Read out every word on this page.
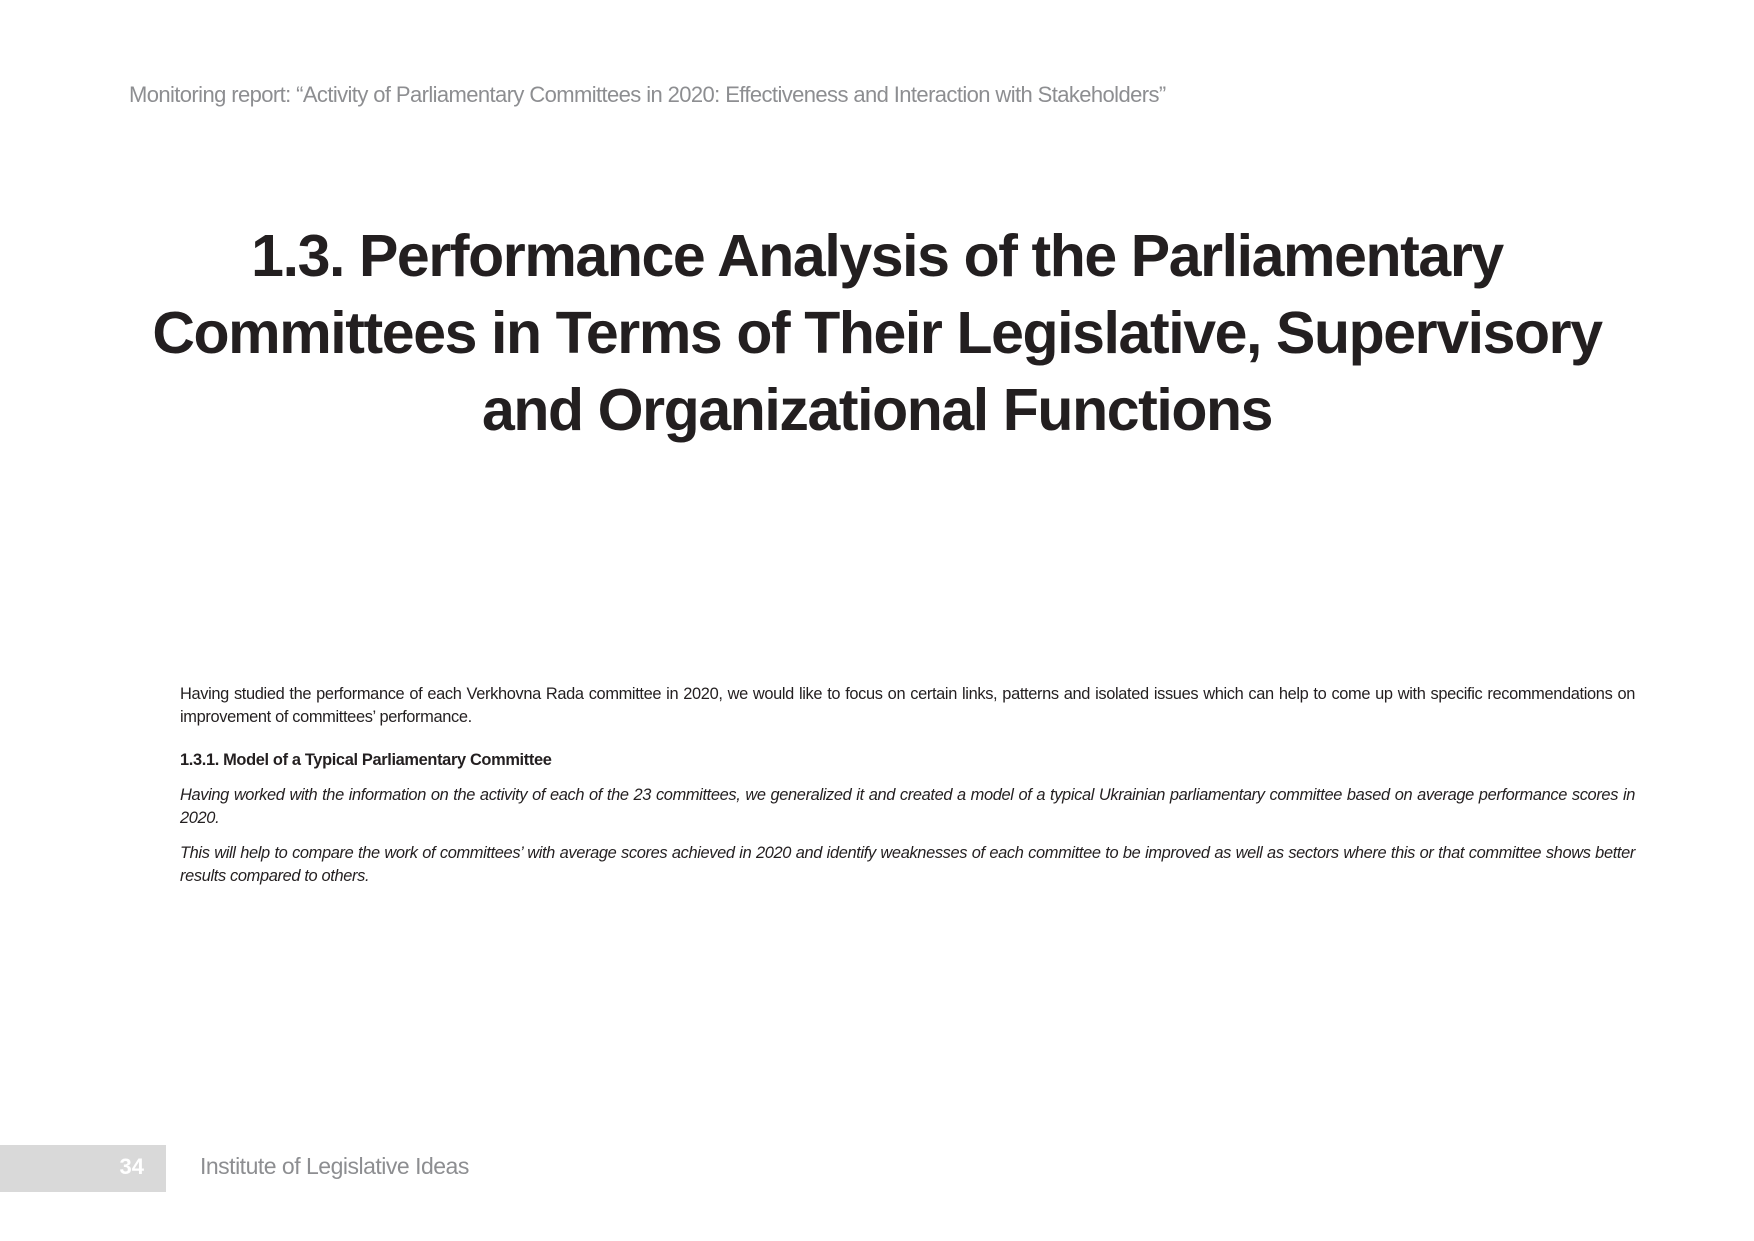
Monitoring report: “Activity of Parliamentary Committees in 2020: Effectiveness and Interaction with Stakeholders”
1.3. Performance Analysis of the Parliamentary Committees in Terms of Their Legislative, Supervisory and Organizational Functions

Having studied the performance of each Verkhovna Rada committee in 2020, we would like to focus on certain links, patterns and isolated issues which can help to come up with specific recommendations on improvement of committees’ performance.

1.3.1. Model of a Typical Parliamentary Committee

Having worked with the information on the activity of each of the 23 committees, we generalized it and created a model of a typical Ukrainian parliamentary committee based on average performance scores in 2020.

This will help to compare the work of committees’ with average scores achieved in 2020 and identify weaknesses of each committee to be improved as well as sectors where this or that committee shows better results compared to others.

34 Institute of Legislative Ideas
